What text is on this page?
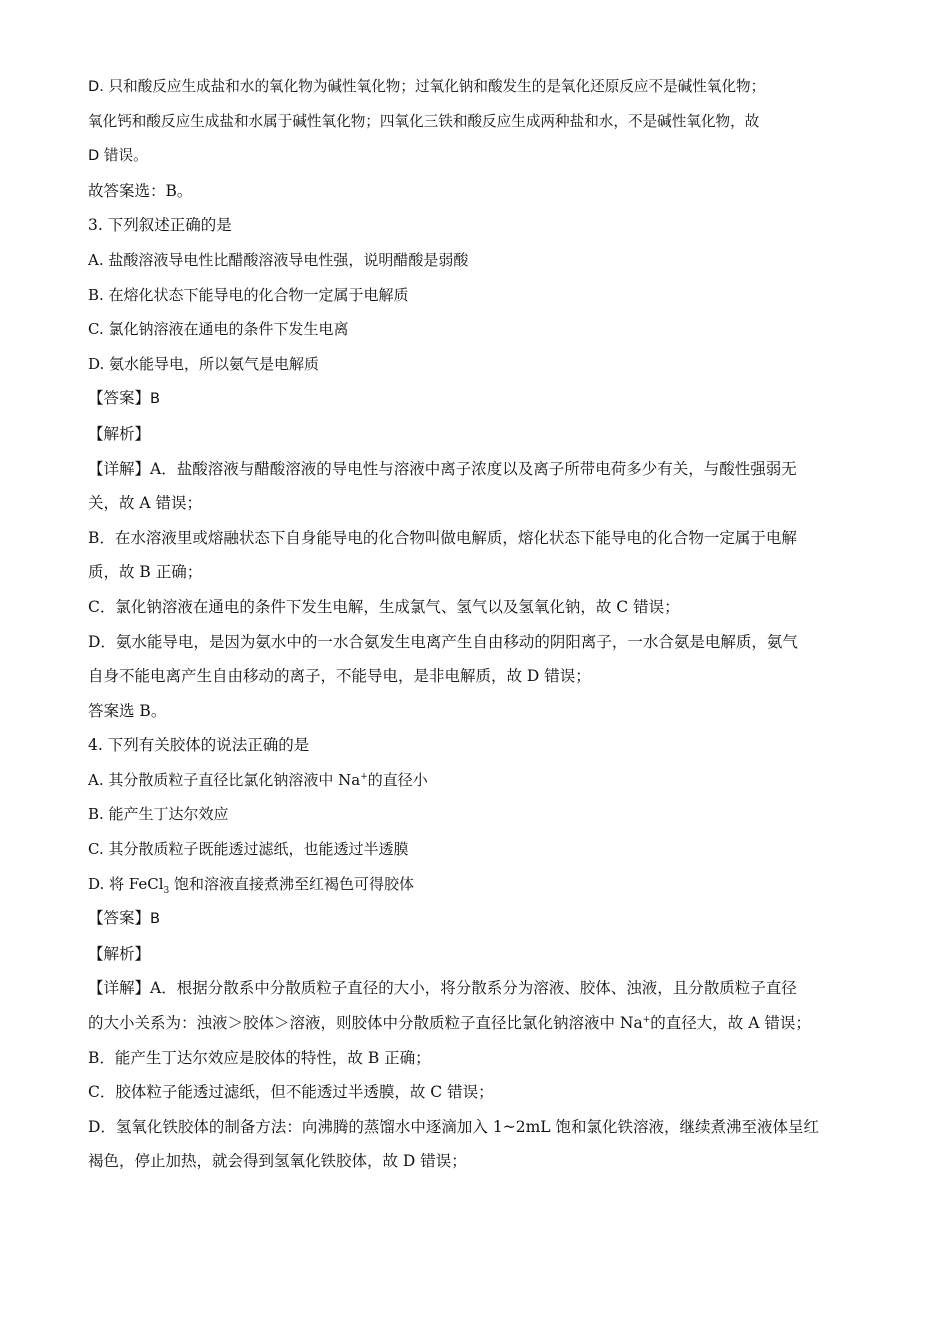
D. 只和酸反应生成盐和水的氧化物为碱性氧化物；过氧化钠和酸发生的是氧化还原反应不是碱性氧化物；
氧化钙和酸反应生成盐和水属于碱性氧化物；四氧化三铁和酸反应生成两种盐和水，不是碱性氧化物，故
D 错误。
故答案选：B。
3. 下列叙述正确的是
A. 盐酸溶液导电性比醋酸溶液导电性强，说明醋酸是弱酸
B. 在熔化状态下能导电的化合物一定属于电解质
C. 氯化钠溶液在通电的条件下发生电离
D. 氨水能导电，所以氨气是电解质
【答案】B
【解析】
【详解】A．盐酸溶液与醋酸溶液的导电性与溶液中离子浓度以及离子所带电荷多少有关，与酸性强弱无
关，故 A 错误；
B．在水溶液里或熔融状态下自身能导电的化合物叫做电解质，熔化状态下能导电的化合物一定属于电解
质，故 B 正确；
C．氯化钠溶液在通电的条件下发生电解，生成氯气、氢气以及氢氧化钠，故 C 错误；
D．氨水能导电，是因为氨水中的一水合氨发生电离产生自由移动的阴阳离子，一水合氨是电解质，氨气
自身不能电离产生自由移动的离子，不能导电，是非电解质，故 D 错误；
答案选 B。
4. 下列有关胶体的说法正确的是
A. 其分散质粒子直径比氯化钠溶液中 Na+的直径小
B. 能产生丁达尔效应
C. 其分散质粒子既能透过滤纸，也能透过半透膜
D. 将 FeCl$_3$ 饱和溶液直接煮沸至红褐色可得胶体
【答案】B
【解析】
【详解】A．根据分散系中分散质粒子直径的大小，将分散系分为溶液、胶体、浊液，且分散质粒子直径
的大小关系为：浊液＞胶体＞溶液，则胶体中分散质粒子直径比氯化钠溶液中 Na+的直径大，故 A 错误；
B．能产生丁达尔效应是胶体的特性，故 B 正确；
C．胶体粒子能透过滤纸，但不能透过半透膜，故 C 错误；
D．氢氧化铁胶体的制备方法：向沸腾的蒸馏水中逐滴加入 1~2mL 饱和氯化铁溶液，继续煮沸至液体呈红
褐色，停止加热，就会得到氢氧化铁胶体，故 D 错误；
